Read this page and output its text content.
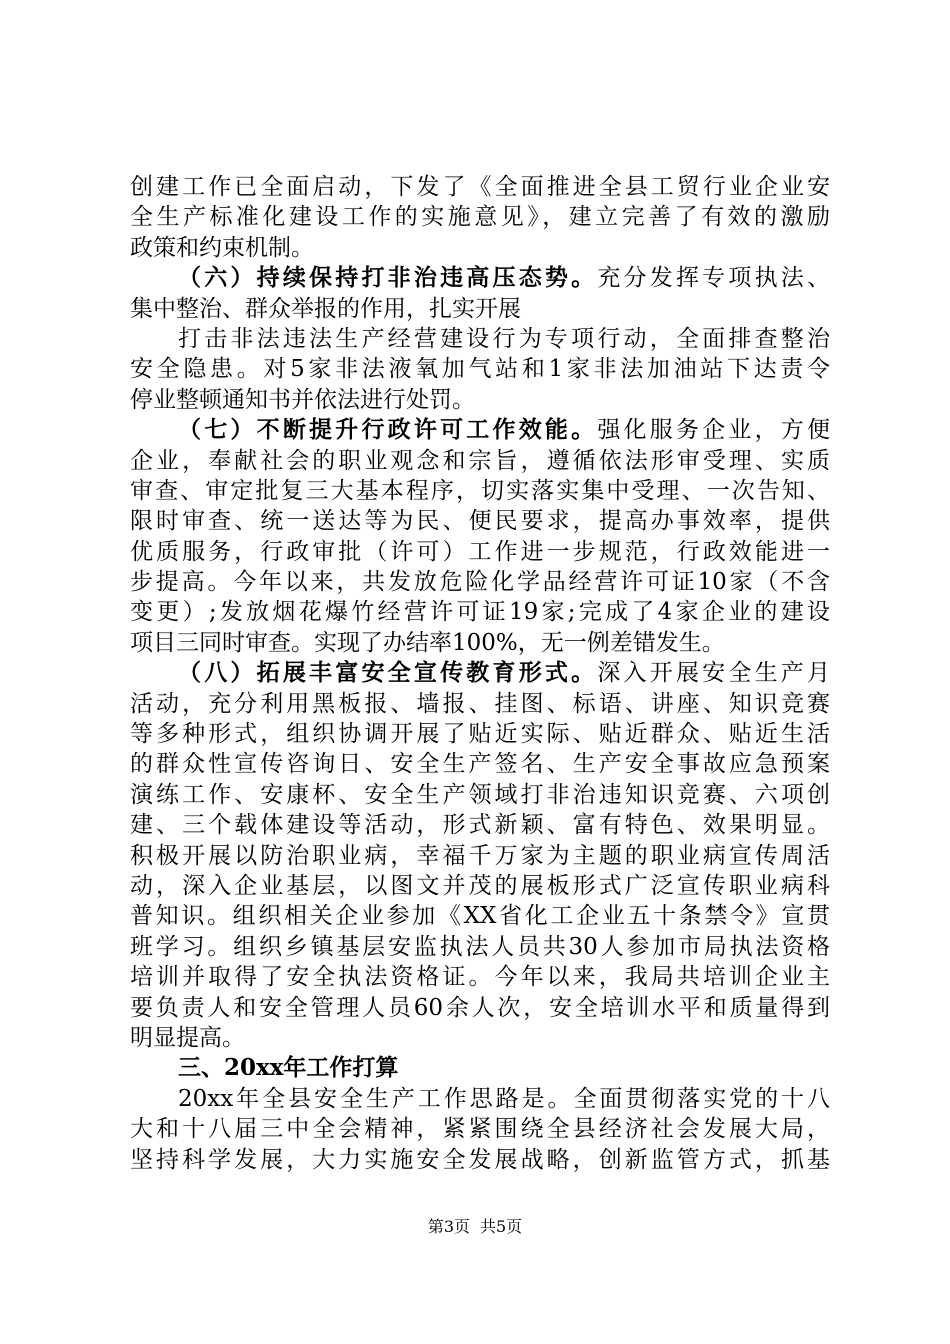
创建工作已全面启动，下发了《全面推进全县工贸行业企业安
全生产标准化建设工作的实施意见》，建立完善了有效的激励
政策和约束机制。
（六）持续保持打非治违高压态势。充分发挥专项执法、
集中整治、群众举报的作用，扎实开展
打击非法违法生产经营建设行为专项行动，全面排查整治
安全隐患。对5家非法液氧加气站和1家非法加油站下达责令
停业整顿通知书并依法进行处罚。
（七）不断提升行政许可工作效能。强化服务企业，方便
企业，奉献社会的职业观念和宗旨，遵循依法形审受理、实质
审查、审定批复三大基本程序，切实落实集中受理、一次告知、
限时审查、统一送达等为民、便民要求，提高办事效率，提供
优质服务，行政审批（许可）工作进一步规范，行政效能进一
步提高。今年以来，共发放危险化学品经营许可证10家（不含
变更）;发放烟花爆竹经营许可证19家;完成了4家企业的建设
项目三同时审查。实现了办结率100%，无一例差错发生。
（八）拓展丰富安全宣传教育形式。深入开展安全生产月
活动，充分利用黑板报、墙报、挂图、标语、讲座、知识竞赛
等多种形式，组织协调开展了贴近实际、贴近群众、贴近生活
的群众性宣传咨询日、安全生产签名、生产安全事故应急预案
演练工作、安康杯、安全生产领域打非治违知识竞赛、六项创
建、三个载体建设等活动，形式新颖、富有特色、效果明显。
积极开展以防治职业病，幸福千万家为主题的职业病宣传周活
动，深入企业基层，以图文并茂的展板形式广泛宣传职业病科
普知识。组织相关企业参加《XX省化工企业五十条禁令》宣贯
班学习。组织乡镇基层安监执法人员共30人参加市局执法资格
培训并取得了安全执法资格证。今年以来，我局共培训企业主
要负责人和安全管理人员60余人次，安全培训水平和质量得到
明显提高。
三、20xx年工作打算
20xx年全县安全生产工作思路是。全面贯彻落实党的十八
大和十八届三中全会精神，紧紧围绕全县经济社会发展大局，
坚持科学发展，大力实施安全发展战略，创新监管方式，抓基
第3页 共5页
